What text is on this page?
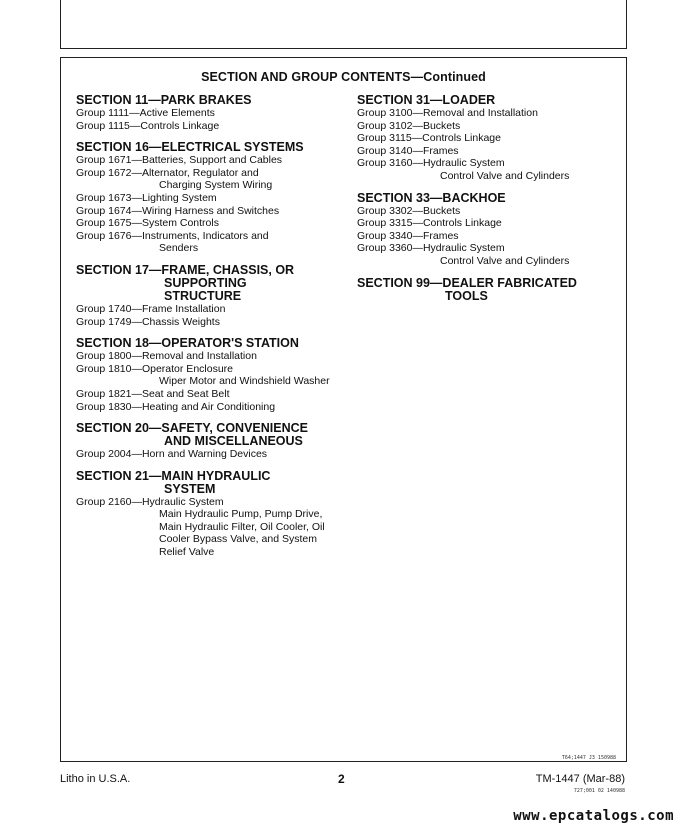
SECTION AND GROUP CONTENTS—Continued
SECTION 11—PARK BRAKES
Group 1111—Active Elements
Group 1115—Controls Linkage
SECTION 16—ELECTRICAL SYSTEMS
Group 1671—Batteries, Support and Cables
Group 1672—Alternator, Regulator and
Charging System Wiring
Group 1673—Lighting System
Group 1674—Wiring Harness and Switches
Group 1675—System Controls
Group 1676—Instruments, Indicators and
Senders
SECTION 17—FRAME, CHASSIS, OR
SUPPORTING
STRUCTURE
Group 1740—Frame Installation
Group 1749—Chassis Weights
SECTION 18—OPERATOR'S STATION
Group 1800—Removal and Installation
Group 1810—Operator Enclosure
Wiper Motor and Windshield Washer
Group 1821—Seat and Seat Belt
Group 1830—Heating and Air Conditioning
SECTION 20—SAFETY, CONVENIENCE
AND MISCELLANEOUS
Group 2004—Horn and Warning Devices
SECTION 21—MAIN HYDRAULIC
SYSTEM
Group 2160—Hydraulic System
Main Hydraulic Pump, Pump Drive,
Main Hydraulic Filter, Oil Cooler, Oil
Cooler Bypass Valve, and System
Relief Valve
SECTION 31—LOADER
Group 3100—Removal and Installation
Group 3102—Buckets
Group 3115—Controls Linkage
Group 3140—Frames
Group 3160—Hydraulic System
Control Valve and Cylinders
SECTION 33—BACKHOE
Group 3302—Buckets
Group 3315—Controls Linkage
Group 3340—Frames
Group 3360—Hydraulic System
Control Valve and Cylinders
SECTION 99—DEALER FABRICATED
TOOLS
T64;1447 J3 150988
Litho in U.S.A.	2	TM-1447 (Mar-88)
727;001 02 140988
www.epcatalogs.com
